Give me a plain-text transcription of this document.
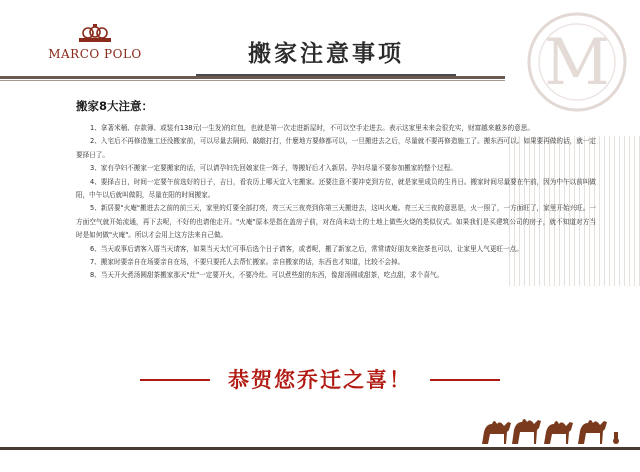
MARCO POLO	搬家注意事项	M
搬家8大注意：

1、拿著米桶、存款簿、或装有138元(一生发)的红包，也就是第一次走进新屋时，不可以空手走进去。表示这家里未来会很充实，财富越来越多的意思。

2、入宅后不再修造施工还没搬家前，可以尽量去隔间、敲敲打打，什麼地方要修都可以，一旦搬进去之后，尽量就不要再修造施工了。搬东西可以。如果要再做的话，就一定要择日了。

3、家有孕妇不搬家一定要搬家的话，可以请孕妇先回娘家住一阵子，等搬好后才入新居。孕妇尽量不要参加搬家的整个过程。

4、要择吉日，时间一定要午前选好的日子，吉日，看农历上哪天宜入宅搬家。还要注意不要冲克到方位，就是家里成员的生肖日。搬家时间尽量要在午前，因为中午以前叫做阳，中午以后就叫做阴，尽量在阳的时间搬家。

5、新居要"火庵"搬进去之前的前三天，家里的灯要全部打亮，亮三天三夜亮到你第三天搬进去，这叫火庵。亮三天三夜的意思是，火一照了，一方面旺了，家里开始兴旺。一方面空气就开始流通，再下去呢，不好的也请他走开。"火庵"原本是指在盖房子前，对在尚未动土的土地上做些火烧的类似仪式。如果我们是买建筑公司的房子，就不知道对方当时是如何做"火庵"。所以才会用上这方法来自己做。

6、当天或事后请客入厝当天请客，如果当天太忙可事后选个日子请客，或者呢，搬了新家之后，常常请好朋友来泡茶也可以，让家里人气更旺一点。

7、搬家时要亲自在场要亲自在场，不要只要托人去帮忙搬家。亲自搬家的话，东西也才知道，比较不会掉。

8、当天开火煮汤圆甜茶搬家那天"灶"一定要开火，不要冷灶。可以煮些甜的东西，像甜汤圆或甜茶，吃点甜，求个喜气。

恭贺您乔迁之喜！
